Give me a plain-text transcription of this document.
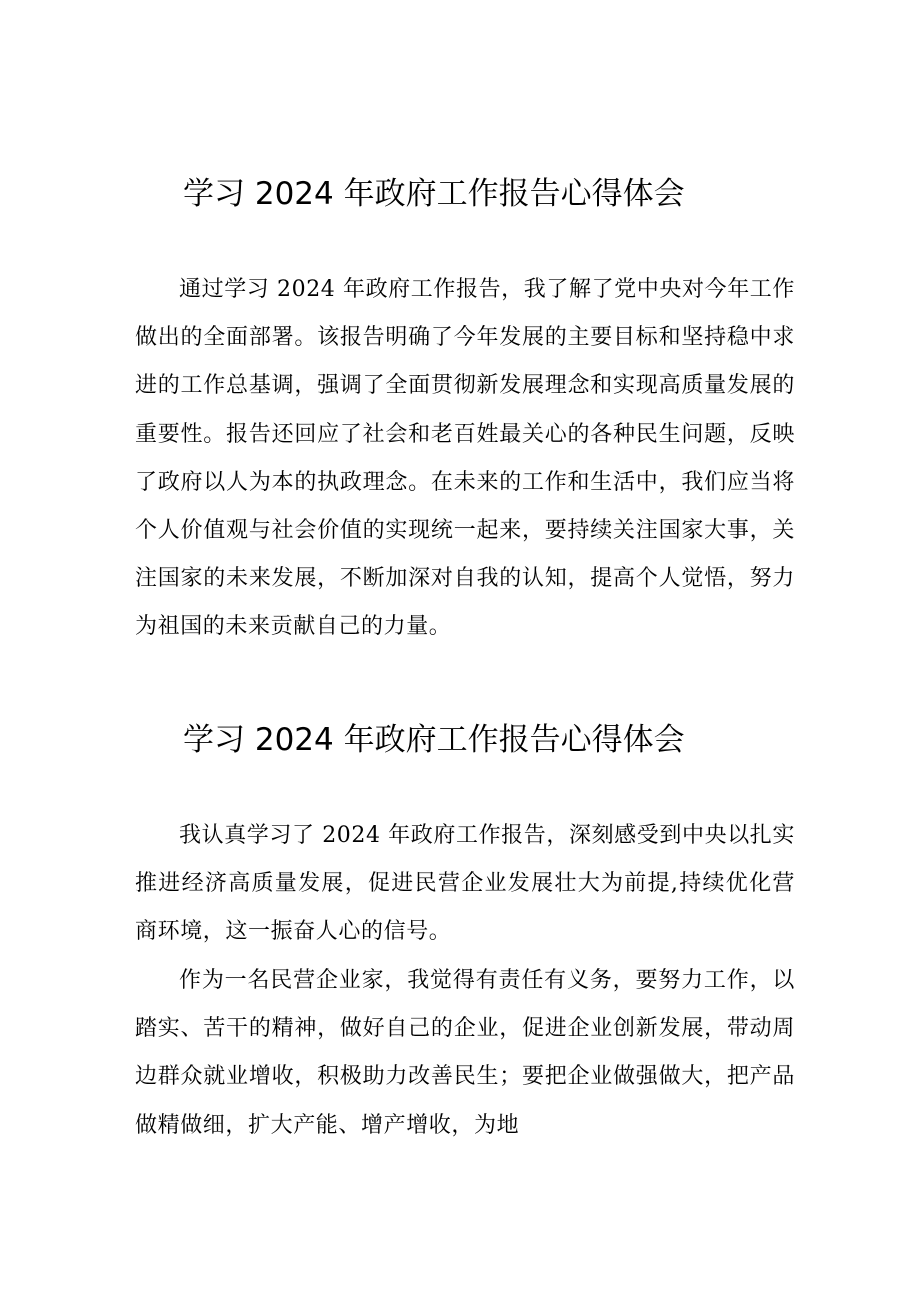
学习 2024 年政府工作报告心得体会

通过学习 2024 年政府工作报告，我了解了党中央对今年工作做出的全面部署。该报告明确了今年发展的主要目标和坚持稳中求进的工作总基调，强调了全面贯彻新发展理念和实现高质量发展的重要性。报告还回应了社会和老百姓最关心的各种民生问题，反映了政府以人为本的执政理念。在未来的工作和生活中，我们应当将个人价值观与社会价值的实现统一起来，要持续关注国家大事，关注国家的未来发展，不断加深对自我的认知，提高个人觉悟，努力为祖国的未来贡献自己的力量。

学习 2024 年政府工作报告心得体会

我认真学习了 2024 年政府工作报告，深刻感受到中央以扎实推进经济高质量发展，促进民营企业发展壮大为前提,持续优化营商环境，这一振奋人心的信号。

作为一名民营企业家，我觉得有责任有义务，要努力工作，以踏实、苦干的精神，做好自己的企业，促进企业创新发展，带动周边群众就业增收，积极助力改善民生；要把企业做强做大，把产品做精做细，扩大产能、增产增收，为地
